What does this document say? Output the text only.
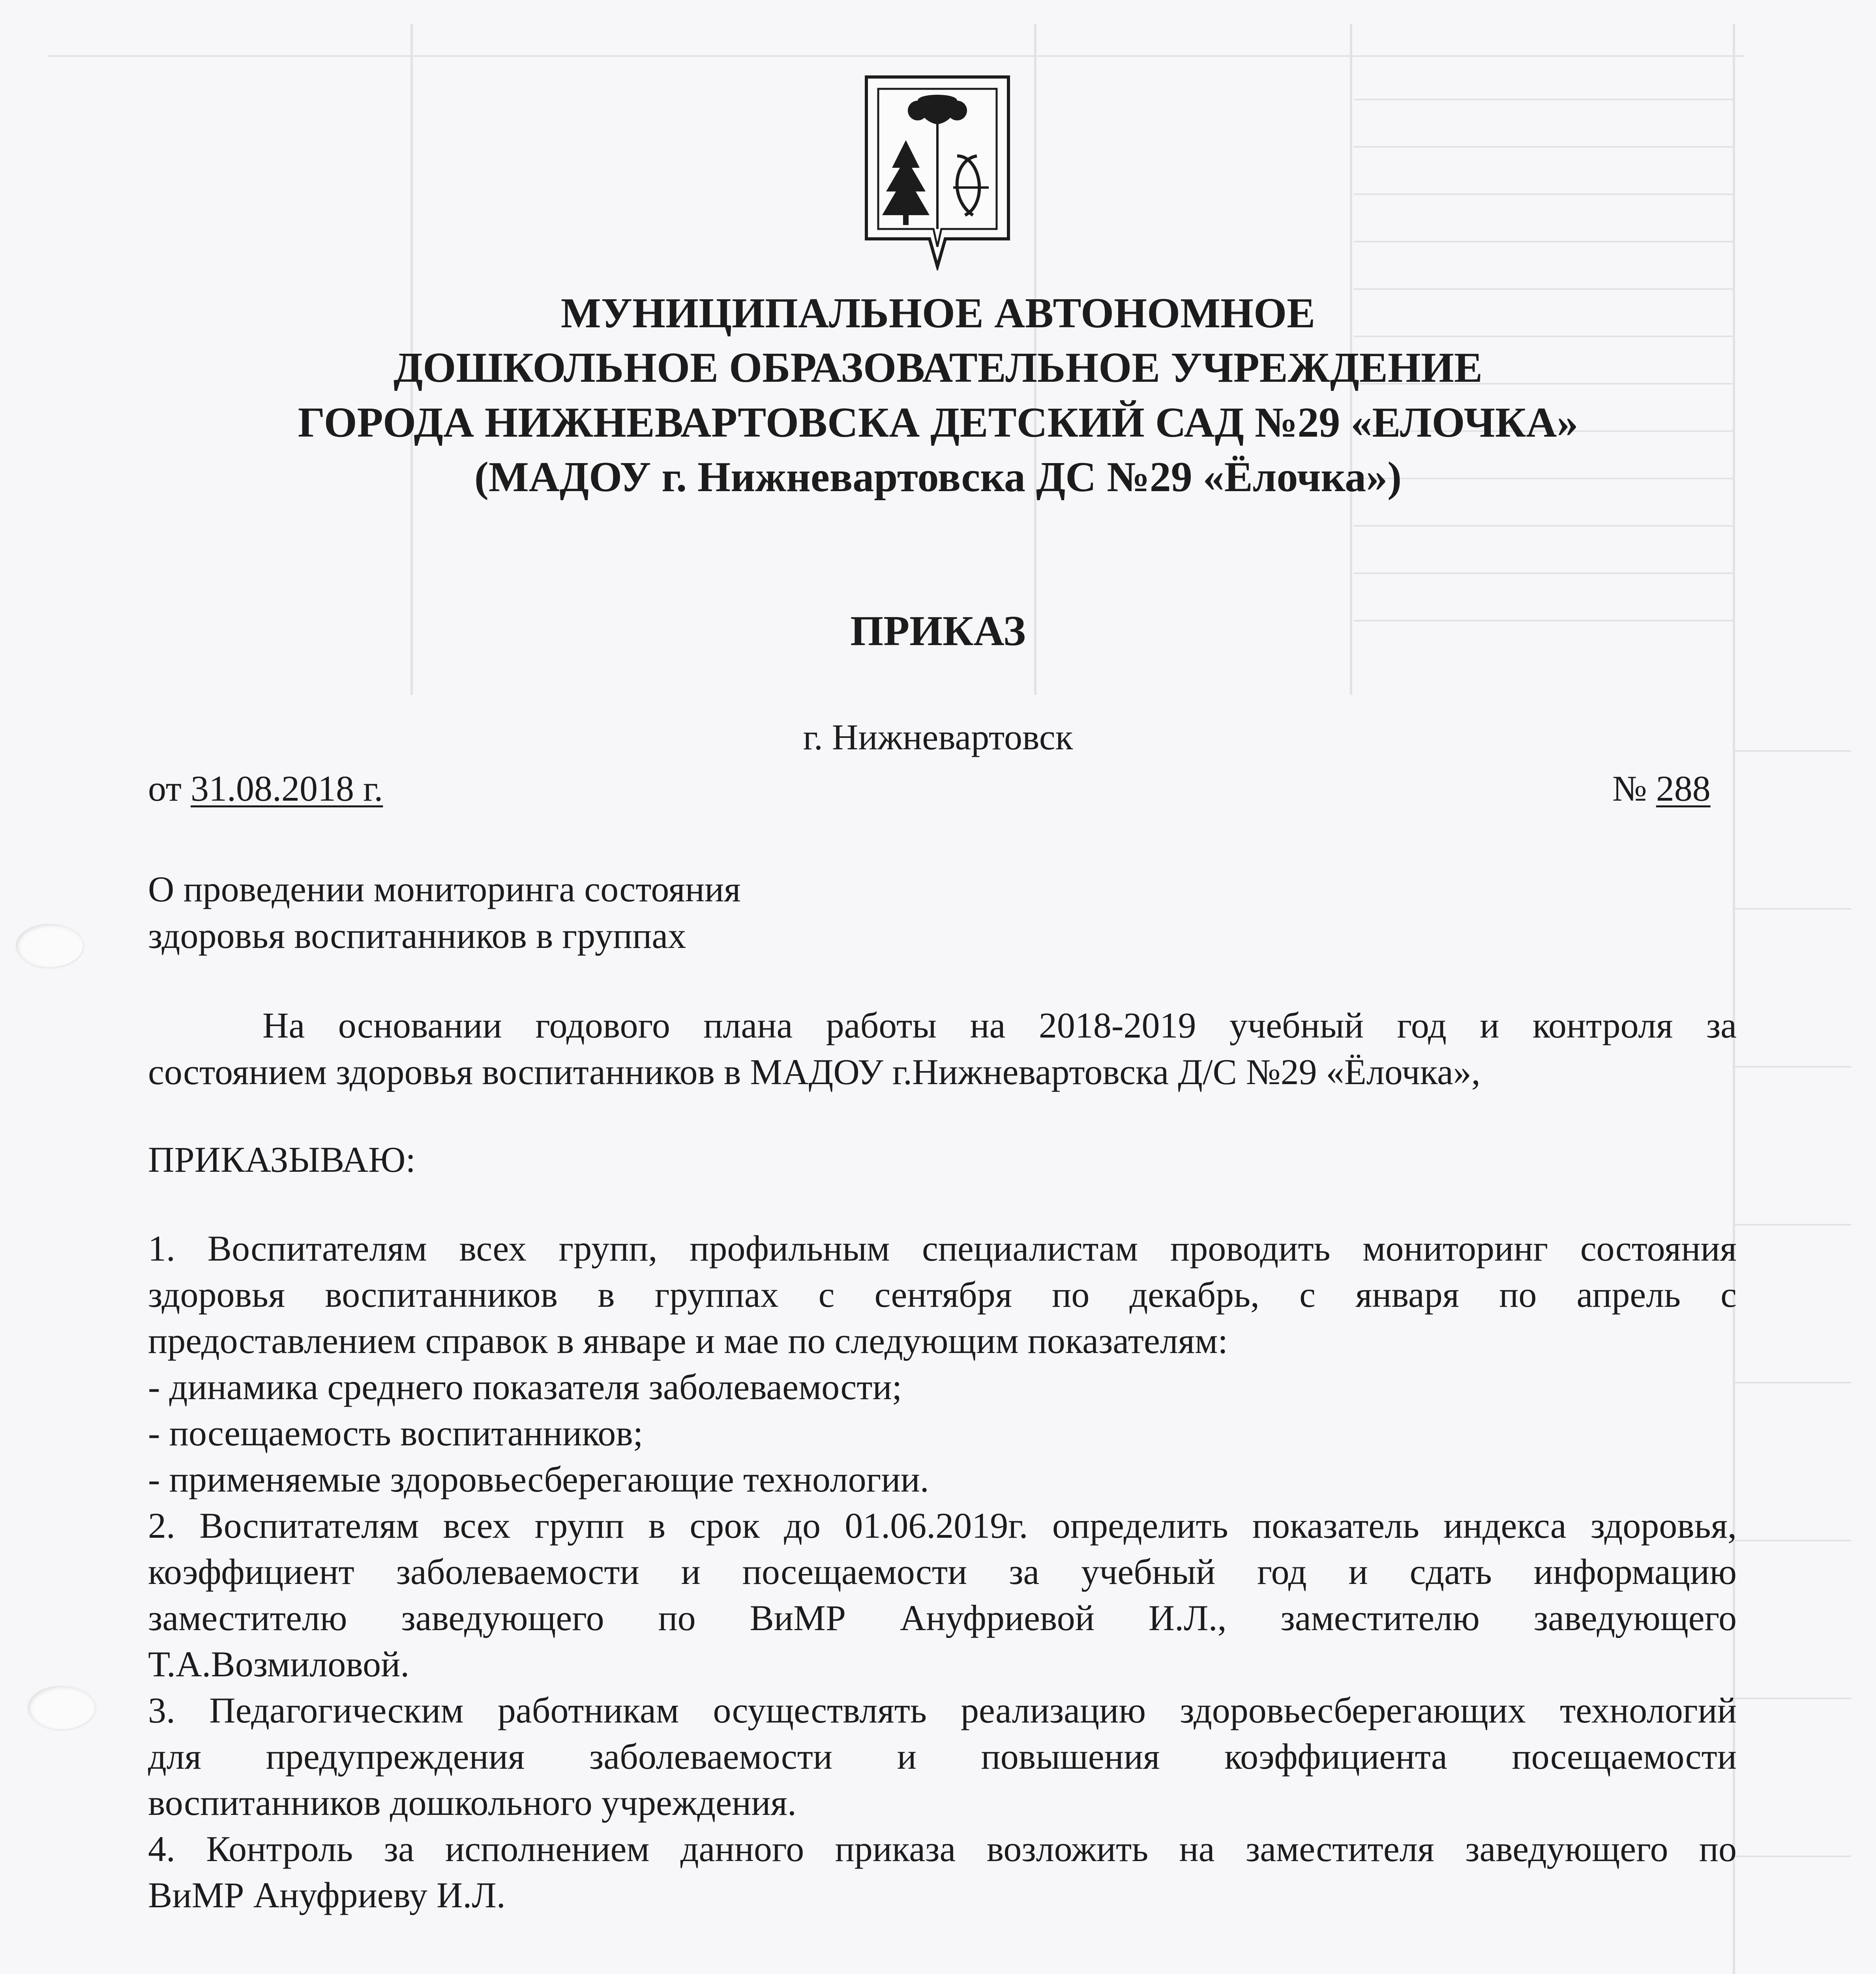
МУНИЦИПАЛЬНОЕ АВТОНОМНОЕ
ДОШКОЛЬНОЕ ОБРАЗОВАТЕЛЬНОЕ УЧРЕЖДЕНИЕ
ГОРОДА НИЖНЕВАРТОВСКА ДЕТСКИЙ САД №29 «ЕЛОЧКА»
(МАДОУ г. Нижневартовска ДС №29 «Ёлочка»)
ПРИКАЗ

г. Нижневартовск

от 31.08.2018 г.	№ 288

О проведении мониторинга состояния

здоровья воспитанников в группах

На основании годового плана работы на 2018-2019 учебный год и контроля за

состоянием здоровья воспитанников в МАДОУ г.Нижневартовска Д/С №29 «Ёлочка»,

ПРИКАЗЫВАЮ:

1. Воспитателям всех групп, профильным специалистам проводить мониторинг состояния

здоровья воспитанников в группах с сентября по декабрь, с января по апрель с

предоставлением справок в январе и мае по следующим показателям:

- динамика среднего показателя заболеваемости;

- посещаемость воспитанников;

- применяемые здоровьесберегающие технологии.

2. Воспитателям всех групп в срок до 01.06.2019г. определить показатель индекса здоровья,

коэффициент заболеваемости и посещаемости за учебный год и сдать информацию

заместителю заведующего по ВиМР Ануфриевой И.Л., заместителю заведующего

Т.А.Возмиловой.

3. Педагогическим работникам осуществлять реализацию здоровьесберегающих технологий

для предупреждения заболеваемости и повышения коэффициента посещаемости

воспитанников дошкольного учреждения.

4. Контроль за исполнением данного приказа возложить на заместителя заведующего по

ВиМР Ануфриеву И.Л.
